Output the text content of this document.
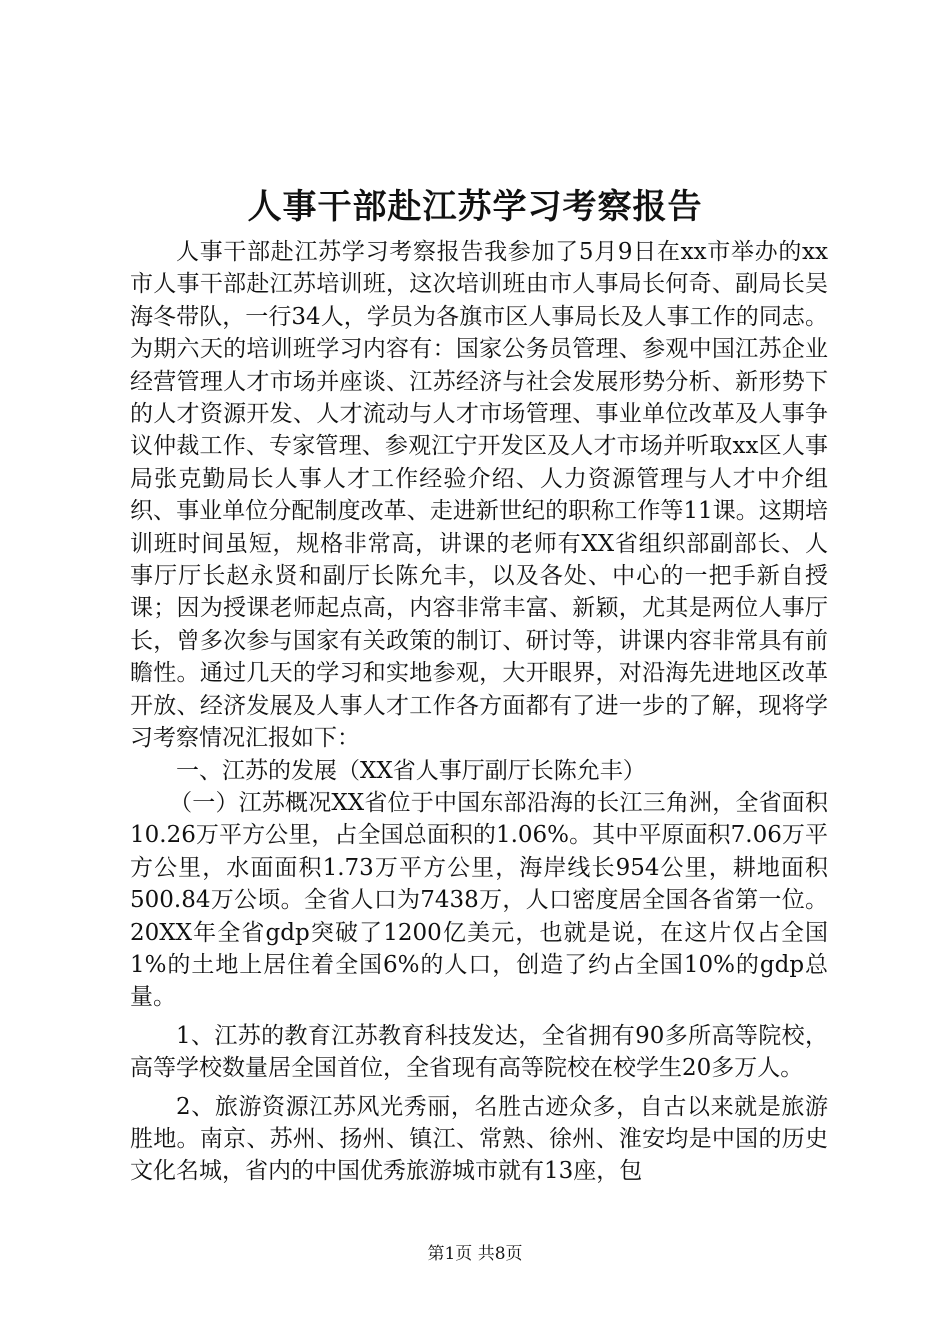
人事干部赴江苏学习考察报告

人事干部赴江苏学习考察报告我参加了5月9日在xx市举办的xx市人事干部赴江苏培训班，这次培训班由市人事局长何奇、副局长吴海冬带队，一行34人，学员为各旗市区人事局长及人事工作的同志。为期六天的培训班学习内容有：国家公务员管理、参观中国江苏企业经营管理人才市场并座谈、江苏经济与社会发展形势分析、新形势下的人才资源开发、人才流动与人才市场管理、事业单位改革及人事争议仲裁工作、专家管理、参观江宁开发区及人才市场并听取xx区人事局张克勤局长人事人才工作经验介绍、人力资源管理与人才中介组织、事业单位分配制度改革、走进新世纪的职称工作等11课。这期培训班时间虽短，规格非常高，讲课的老师有XX省组织部副部长、人事厅厅长赵永贤和副厅长陈允丰，以及各处、中心的一把手新自授课；因为授课老师起点高，内容非常丰富、新颖，尤其是两位人事厅长，曾多次参与国家有关政策的制订、研讨等，讲课内容非常具有前瞻性。通过几天的学习和实地参观，大开眼界，对沿海先进地区改革开放、经济发展及人事人才工作各方面都有了进一步的了解，现将学习考察情况汇报如下：

一、江苏的发展（XX省人事厅副厅长陈允丰）

（一）江苏概况XX省位于中国东部沿海的长江三角洲，全省面积10.26万平方公里，占全国总面积的1.06%。其中平原面积7.06万平方公里，水面面积1.73万平方公里，海岸线长954公里，耕地面积500.84万公顷。全省人口为7438万，人口密度居全国各省第一位。20XX年全省gdp突破了1200亿美元，也就是说，在这片仅占全国1%的土地上居住着全国6%的人口，创造了约占全国10%的gdp总量。

1、江苏的教育江苏教育科技发达，全省拥有90多所高等院校，高等学校数量居全国首位，全省现有高等院校在校学生20多万人。

2、旅游资源江苏风光秀丽，名胜古迹众多，自古以来就是旅游胜地。南京、苏州、扬州、镇江、常熟、徐州、淮安均是中国的历史文化名城，省内的中国优秀旅游城市就有13座，包

第1页 共8页
